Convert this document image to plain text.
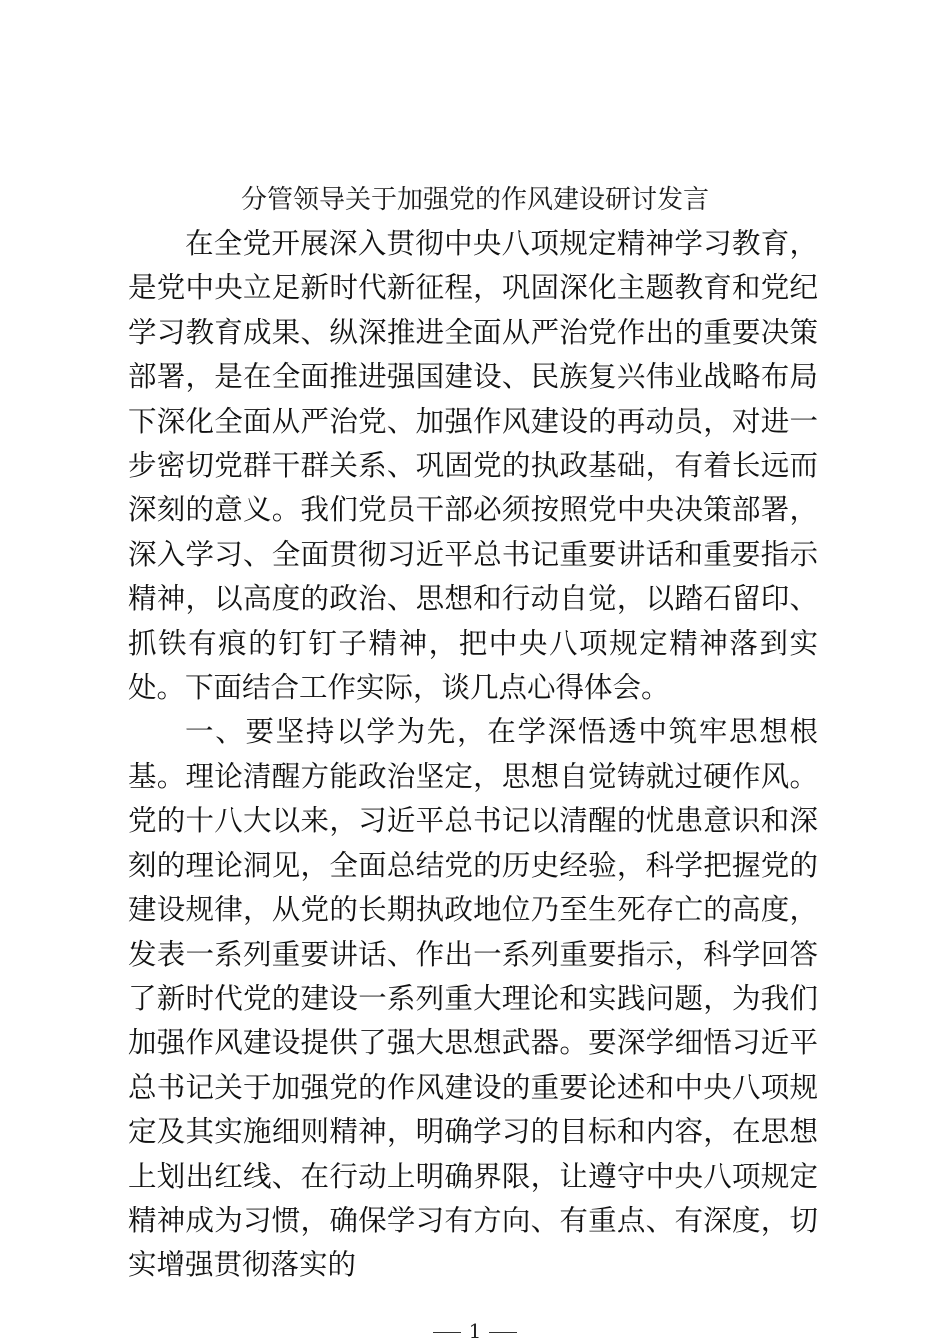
分管领导关于加强党的作风建设研讨发言

在全党开展深入贯彻中央八项规定精神学习教育，是党中央立足新时代新征程，巩固深化主题教育和党纪学习教育成果、纵深推进全面从严治党作出的重要决策部署，是在全面推进强国建设、民族复兴伟业战略布局下深化全面从严治党、加强作风建设的再动员，对进一步密切党群干群关系、巩固党的执政基础，有着长远而深刻的意义。我们党员干部必须按照党中央决策部署，深入学习、全面贯彻习近平总书记重要讲话和重要指示精神，以高度的政治、思想和行动自觉，以踏石留印、抓铁有痕的钉钉子精神，把中央八项规定精神落到实处。下面结合工作实际，谈几点心得体会。

一、要坚持以学为先，在学深悟透中筑牢思想根基。理论清醒方能政治坚定，思想自觉铸就过硬作风。党的十八大以来，习近平总书记以清醒的忧患意识和深刻的理论洞见，全面总结党的历史经验，科学把握党的建设规律，从党的长期执政地位乃至生死存亡的高度，发表一系列重要讲话、作出一系列重要指示，科学回答了新时代党的建设一系列重大理论和实践问题，为我们加强作风建设提供了强大思想武器。要深学细悟习近平总书记关于加强党的作风建设的重要论述和中央八项规定及其实施细则精神，明确学习的目标和内容，在思想上划出红线、在行动上明确界限，让遵守中央八项规定精神成为习惯，确保学习有方向、有重点、有深度，切实增强贯彻落实的

1
